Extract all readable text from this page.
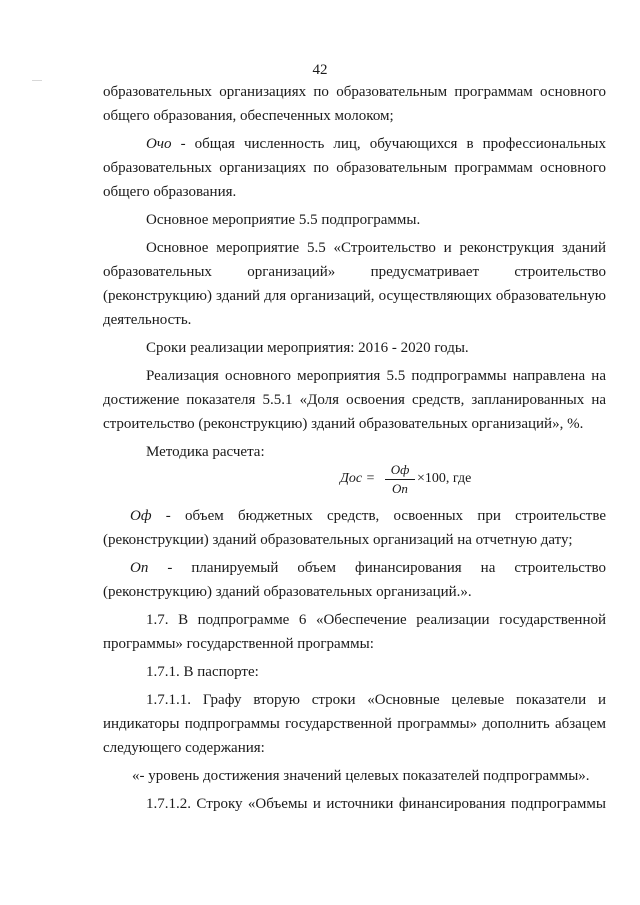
42

образовательных организациях по образовательным программам основного

общего образования, обеспеченных молоком;

Очо - общая численность лиц, обучающихся в профессиональных

образовательных организациях по образовательным программам основного

общего образования.

Основное мероприятие 5.5 подпрограммы.

Основное мероприятие 5.5 «Строительство и реконструкция зданий

образовательных организаций» предусматривает строительство

(реконструкцию) зданий для организаций, осуществляющих образовательную

деятельность.

Сроки реализации мероприятия: 2016 - 2020 годы.

Реализация основного мероприятия 5.5 подпрограммы направлена на

достижение показателя 5.5.1 «Доля освоения средств, запланированных на

строительство (реконструкцию) зданий образовательных организаций», %.

Методика расчета:

Дос =
Оф
Оп
×100, где

Оф - объем бюджетных средств, освоенных при строительстве

(реконструкции) зданий образовательных организаций на отчетную дату;

Оп - планируемый объем финансирования на строительство

(реконструкцию) зданий образовательных организаций.».

1.7. В подпрограмме 6 «Обеспечение реализации государственной

программы» государственной программы:

1.7.1. В паспорте:

1.7.1.1. Графу вторую строки «Основные целевые показатели и

индикаторы подпрограммы государственной программы» дополнить абзацем

следующего содержания:

«- уровень достижения значений целевых показателей подпрограммы».

1.7.1.2. Строку «Объемы и источники финансирования подпрограммы
